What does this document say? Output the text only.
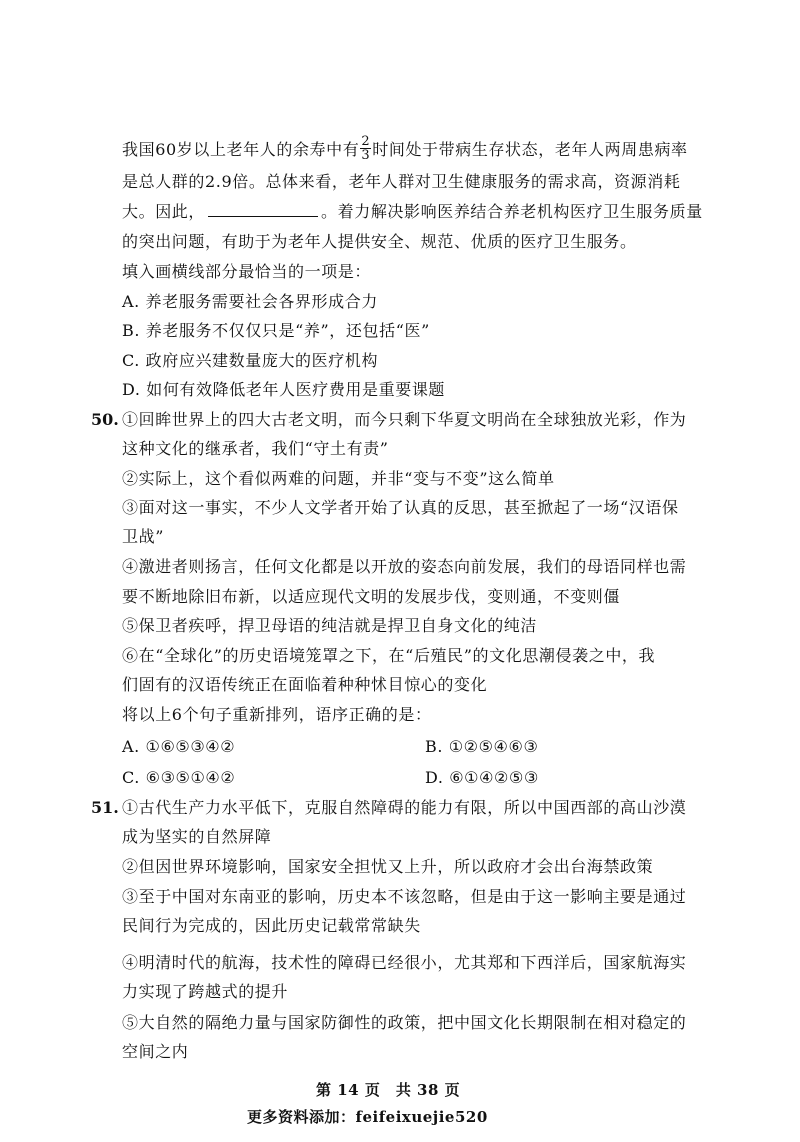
我国60岁以上老年人的余寿中有 $\frac{2}{3}$ 时间处于带病生存状态，老年人两周患病率
是总人群的2.9倍。总体来看，老年人群对卫生健康服务的需求高，资源消耗
大。因此，	。着力解决影响医养结合养老机构医疗卫生服务质量
的突出问题，有助于为老年人提供安全、规范、优质的医疗卫生服务。
填入画横线部分最恰当的一项是：
A. 养老服务需要社会各界形成合力
B. 养老服务不仅仅只是“养”，还包括“医”
C. 政府应兴建数量庞大的医疗机构
D. 如何有效降低老年人医疗费用是重要课题
50. ①回眸世界上的四大古老文明，而今只剩下华夏文明尚在全球独放光彩，作为
这种文化的继承者，我们“守土有责”
②实际上，这个看似两难的问题，并非“变与不变”这么简单
③面对这一事实，不少人文学者开始了认真的反思，甚至掀起了一场“汉语保
卫战”
④激进者则扬言，任何文化都是以开放的姿态向前发展，我们的母语同样也需
要不断地除旧布新，以适应现代文明的发展步伐，变则通，不变则僵
⑤保卫者疾呼，捍卫母语的纯洁就是捍卫自身文化的纯洁
⑥在“全球化”的历史语境笼罩之下，在“后殖民”的文化思潮侵袭之中，我
们固有的汉语传统正在面临着种种怵目惊心的变化
将以上6个句子重新排列，语序正确的是：
A. ①⑥⑤③④②	B. ①②⑤④⑥③
C. ⑥③⑤①④②	D. ⑥①④②⑤③
51. ①古代生产力水平低下，克服自然障碍的能力有限，所以中国西部的高山沙漠
成为坚实的自然屏障
②但因世界环境影响，国家安全担忧又上升，所以政府才会出台海禁政策
③至于中国对东南亚的影响，历史本不该忽略，但是由于这一影响主要是通过
民间行为完成的，因此历史记载常常缺失
④明清时代的航海，技术性的障碍已经很小，尤其郑和下西洋后，国家航海实
力实现了跨越式的提升
⑤大自然的隔绝力量与国家防御性的政策，把中国文化长期限制在相对稳定的
空间之内
第 14 页　共 38 页
更多资料添加：feifeixuejie520
